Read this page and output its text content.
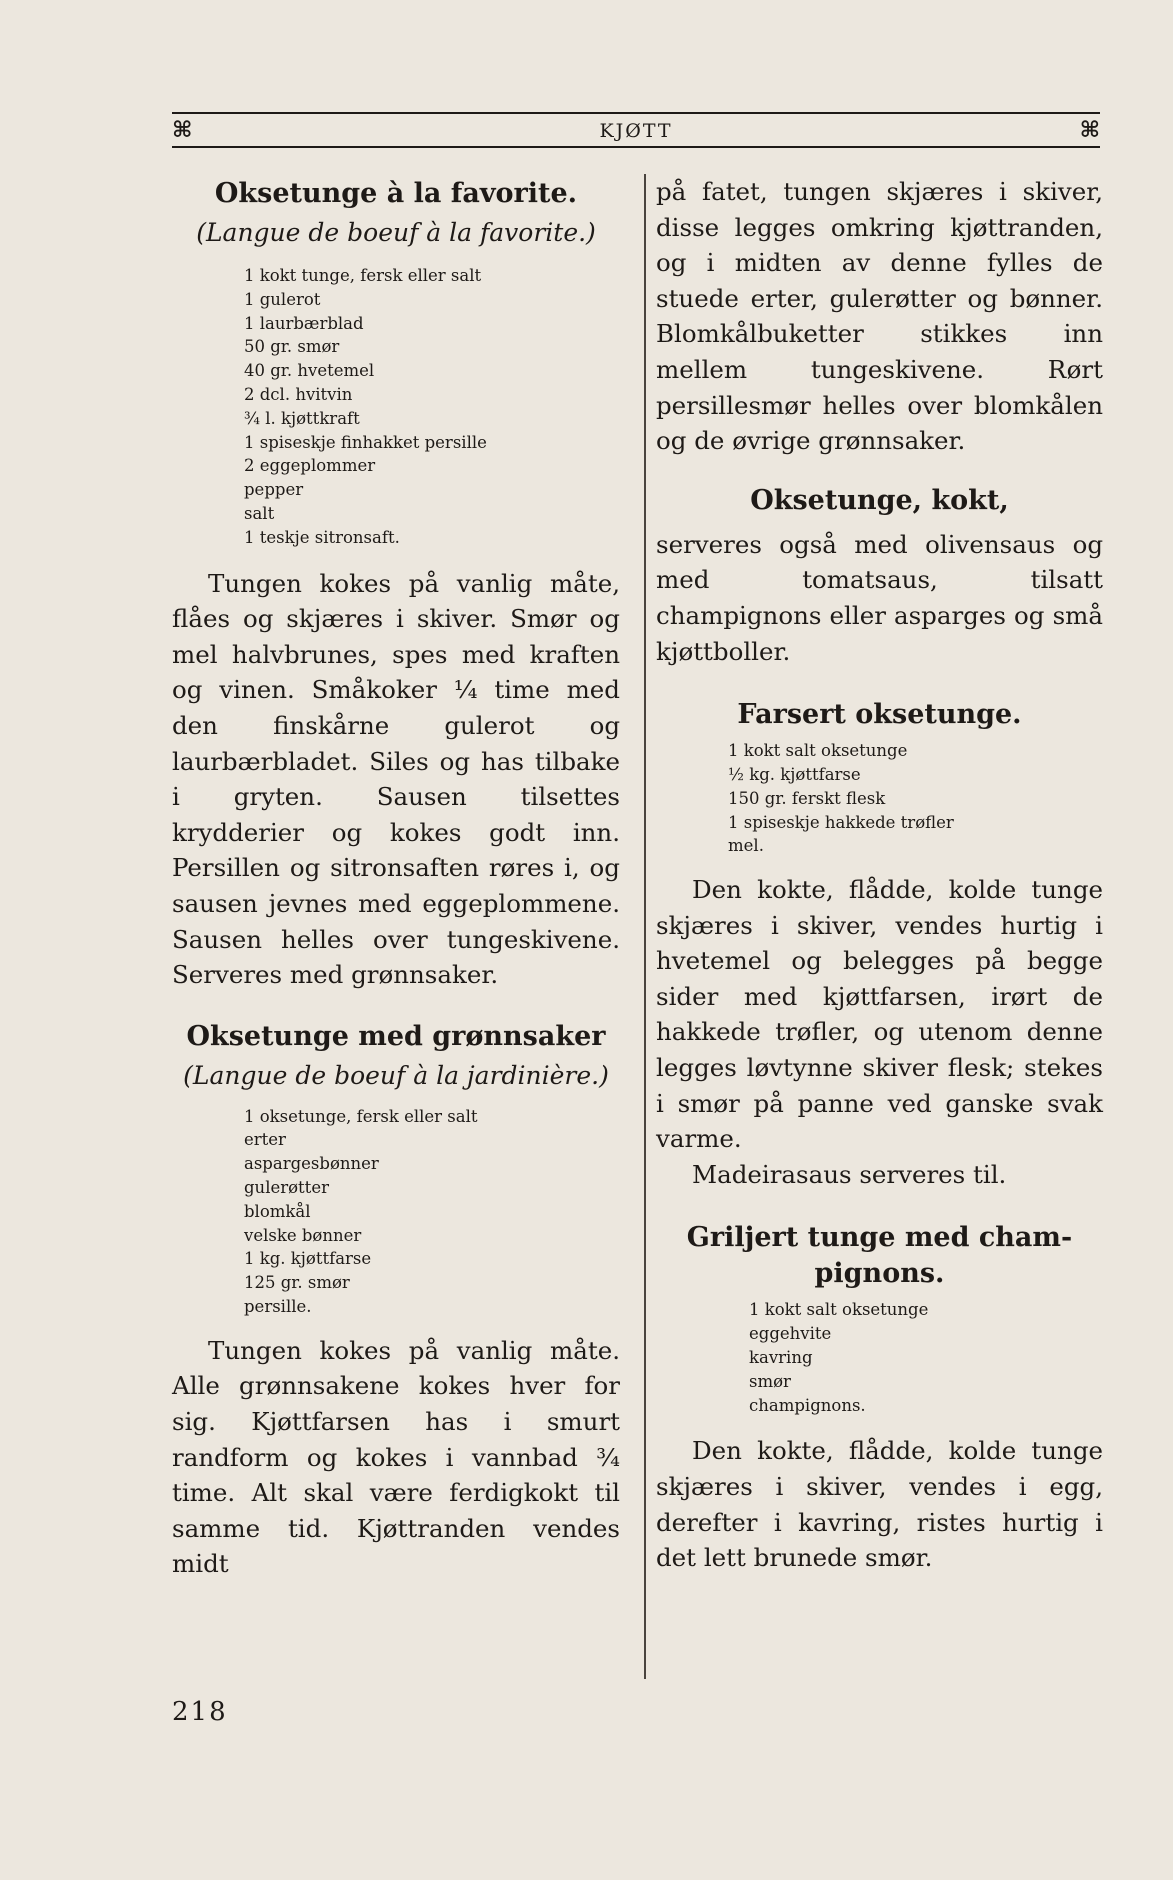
⌘	KJØTT	⌘
Oksetunge à la favorite.

(Langue de boeuf à la favorite.)

1 kokt tunge, fersk eller salt
1 gulerot
1 laurbærblad
50 gr. smør
40 gr. hvetemel
2 dcl. hvitvin
¾ l. kjøttkraft
1 spiseskje finhakket persille
2 eggeplommer
pepper
salt
1 teskje sitronsaft.

Tungen kokes på vanlig måte, flåes og skjæres i skiver. Smør og mel halvbrunes, spes med kraften og vinen. Småkoker ¼ time med den finskårne gulerot og laurbærbladet. Siles og has tilbake i gryten. Sausen tilsettes krydderier og kokes godt inn. Persillen og sitronsaften røres i, og sausen jevnes med eggeplommene. Sausen helles over tungeskivene. Serveres med grønnsaker.

Oksetunge med grønnsaker

(Langue de boeuf à la jardinière.)

1 oksetunge, fersk eller salt
erter
aspargesbønner
gulerøtter
blomkål
velske bønner
1 kg. kjøttfarse
125 gr. smør
persille.

Tungen kokes på vanlig måte. Alle grønnsakene kokes hver for sig. Kjøttfarsen has i smurt randform og kokes i vannbad ¾ time. Alt skal være ferdigkokt til samme tid. Kjøttranden vendes midt

på fatet, tungen skjæres i skiver, disse legges omkring kjøttranden, og i midten av denne fylles de stuede erter, gulerøtter og bønner. Blomkålbuketter stikkes inn mellem tungeskivene. Rørt persillesmør helles over blomkålen og de øvrige grønnsaker.

Oksetunge, kokt,

serveres også med olivensaus og med tomatsaus, tilsatt champignons eller asparges og små kjøttboller.

Farsert oksetunge.
1 kokt salt oksetunge
½ kg. kjøttfarse
150 gr. ferskt flesk
1 spiseskje hakkede trøfler
mel.

Den kokte, flådde, kolde tunge skjæres i skiver, vendes hurtig i hvetemel og belegges på begge sider med kjøttfarsen, irørt de hakkede trøfler, og utenom denne legges løvtynne skiver flesk; stekes i smør på panne ved ganske svak varme.

Madeirasaus serveres til.

Griljert tunge med cham-
pignons.
1 kokt salt oksetunge
eggehvite
kavring
smør
champignons.

Den kokte, flådde, kolde tunge skjæres i skiver, vendes i egg, derefter i kavring, ristes hurtig i det lett brunede smør.

218
